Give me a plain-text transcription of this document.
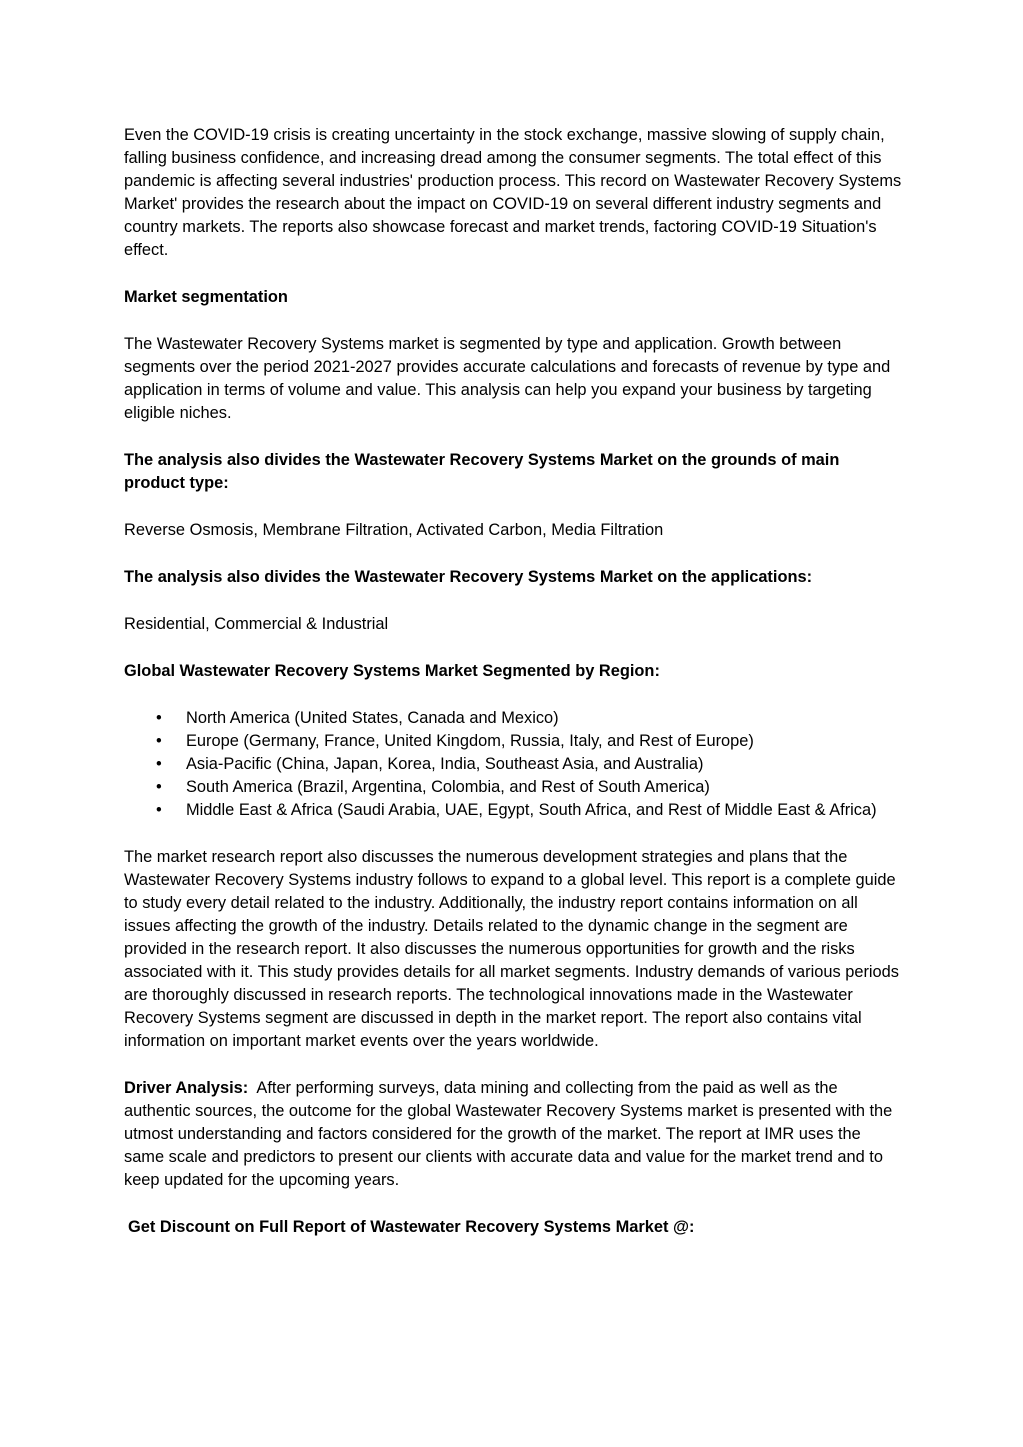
Even the COVID-19 crisis is creating uncertainty in the stock exchange, massive slowing of supply chain, falling business confidence, and increasing dread among the consumer segments. The total effect of this pandemic is affecting several industries' production process. This record on Wastewater Recovery Systems Market' provides the research about the impact on COVID-19 on several different industry segments and country markets. The reports also showcase forecast and market trends, factoring COVID-19 Situation's effect.

Market segmentation

The Wastewater Recovery Systems market is segmented by type and application. Growth between segments over the period 2021-2027 provides accurate calculations and forecasts of revenue by type and application in terms of volume and value. This analysis can help you expand your business by targeting eligible niches.

The analysis also divides the Wastewater Recovery Systems Market on the grounds of main product type:

Reverse Osmosis, Membrane Filtration, Activated Carbon, Media Filtration

The analysis also divides the Wastewater Recovery Systems Market on the applications:

Residential, Commercial & Industrial

Global Wastewater Recovery Systems Market Segmented by Region:

• North America (United States, Canada and Mexico)
• Europe (Germany, France, United Kingdom, Russia, Italy, and Rest of Europe)
• Asia-Pacific (China, Japan, Korea, India, Southeast Asia, and Australia)
• South America (Brazil, Argentina, Colombia, and Rest of South America)
• Middle East & Africa (Saudi Arabia, UAE, Egypt, South Africa, and Rest of Middle East & Africa)

The market research report also discusses the numerous development strategies and plans that the Wastewater Recovery Systems industry follows to expand to a global level. This report is a complete guide to study every detail related to the industry. Additionally, the industry report contains information on all issues affecting the growth of the industry. Details related to the dynamic change in the segment are provided in the research report. It also discusses the numerous opportunities for growth and the risks associated with it. This study provides details for all market segments. Industry demands of various periods are thoroughly discussed in research reports. The technological innovations made in the Wastewater Recovery Systems segment are discussed in depth in the market report. The report also contains vital information on important market events over the years worldwide.

Driver Analysis: After performing surveys, data mining and collecting from the paid as well as the authentic sources, the outcome for the global Wastewater Recovery Systems market is presented with the utmost understanding and factors considered for the growth of the market. The report at IMR uses the same scale and predictors to present our clients with accurate data and value for the market trend and to keep updated for the upcoming years.

Get Discount on Full Report of Wastewater Recovery Systems Market @:
